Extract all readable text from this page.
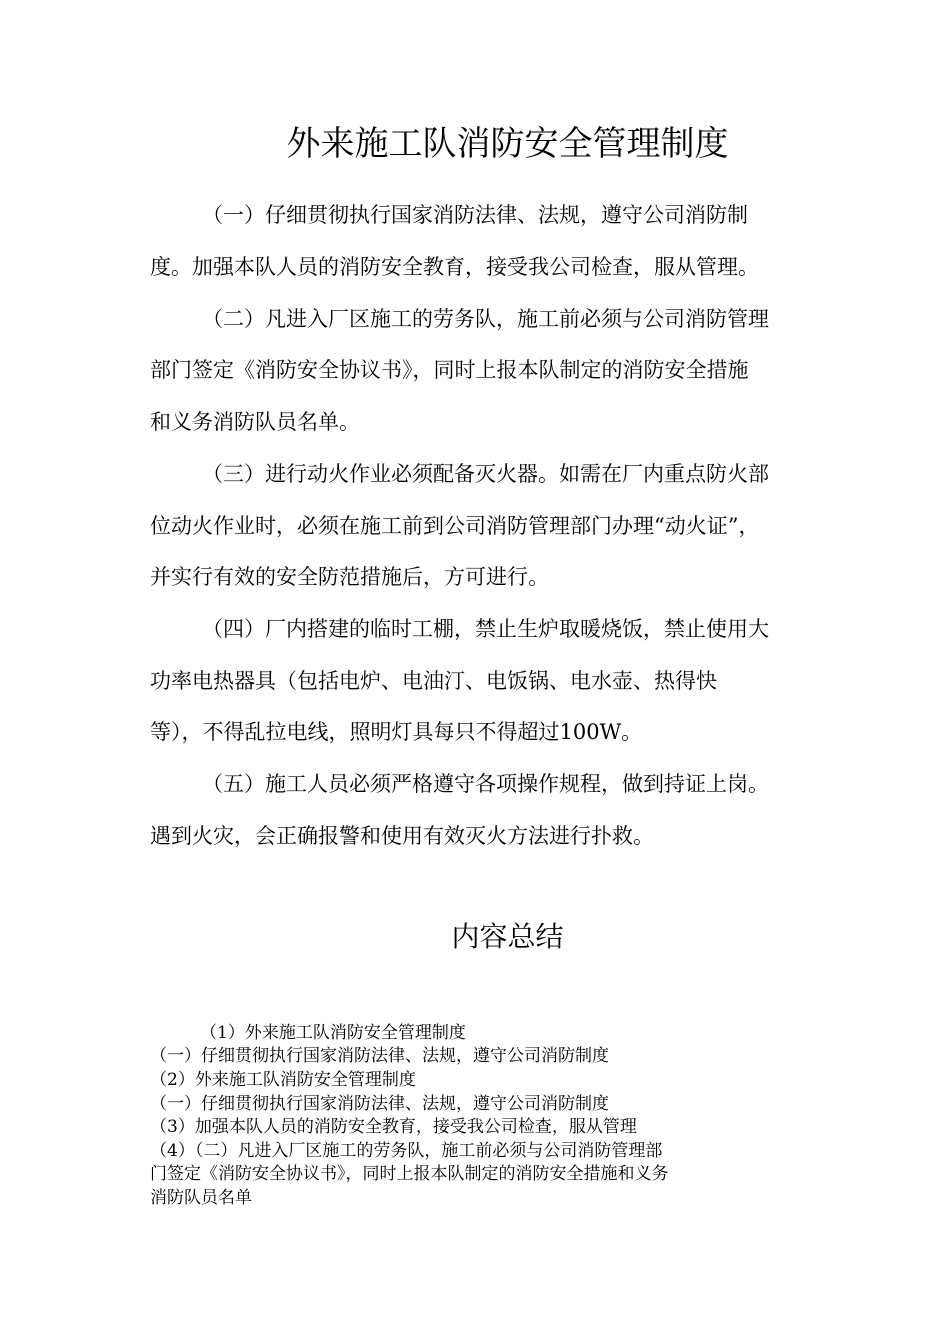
外来施工队消防安全管理制度
（一）仔细贯彻执行国家消防法律、法规，遵守公司消防制
度。加强本队人员的消防安全教育，接受我公司检查，服从管理。
（二）凡进入厂区施工的劳务队，施工前必须与公司消防管理
部门签定《消防安全协议书》，同时上报本队制定的消防安全措施
和义务消防队员名单。
（三）进行动火作业必须配备灭火器。如需在厂内重点防火部
位动火作业时，必须在施工前到公司消防管理部门办理“动火证”，
并实行有效的安全防范措施后，方可进行。
（四）厂内搭建的临时工棚，禁止生炉取暖烧饭，禁止使用大
功率电热器具（包括电炉、电油汀、电饭锅、电水壶、热得快
等），不得乱拉电线，照明灯具每只不得超过100W。
（五）施工人员必须严格遵守各项操作规程，做到持证上岗。
遇到火灾，会正确报警和使用有效灭火方法进行扑救。
内容总结
（1）外来施工队消防安全管理制度
（一）仔细贯彻执行国家消防法律、法规，遵守公司消防制度
（2）外来施工队消防安全管理制度
（一）仔细贯彻执行国家消防法律、法规，遵守公司消防制度
（3）加强本队人员的消防安全教育，接受我公司检查，服从管理
（4）（二）凡进入厂区施工的劳务队，施工前必须与公司消防管理部
门签定《消防安全协议书》，同时上报本队制定的消防安全措施和义务
消防队员名单
